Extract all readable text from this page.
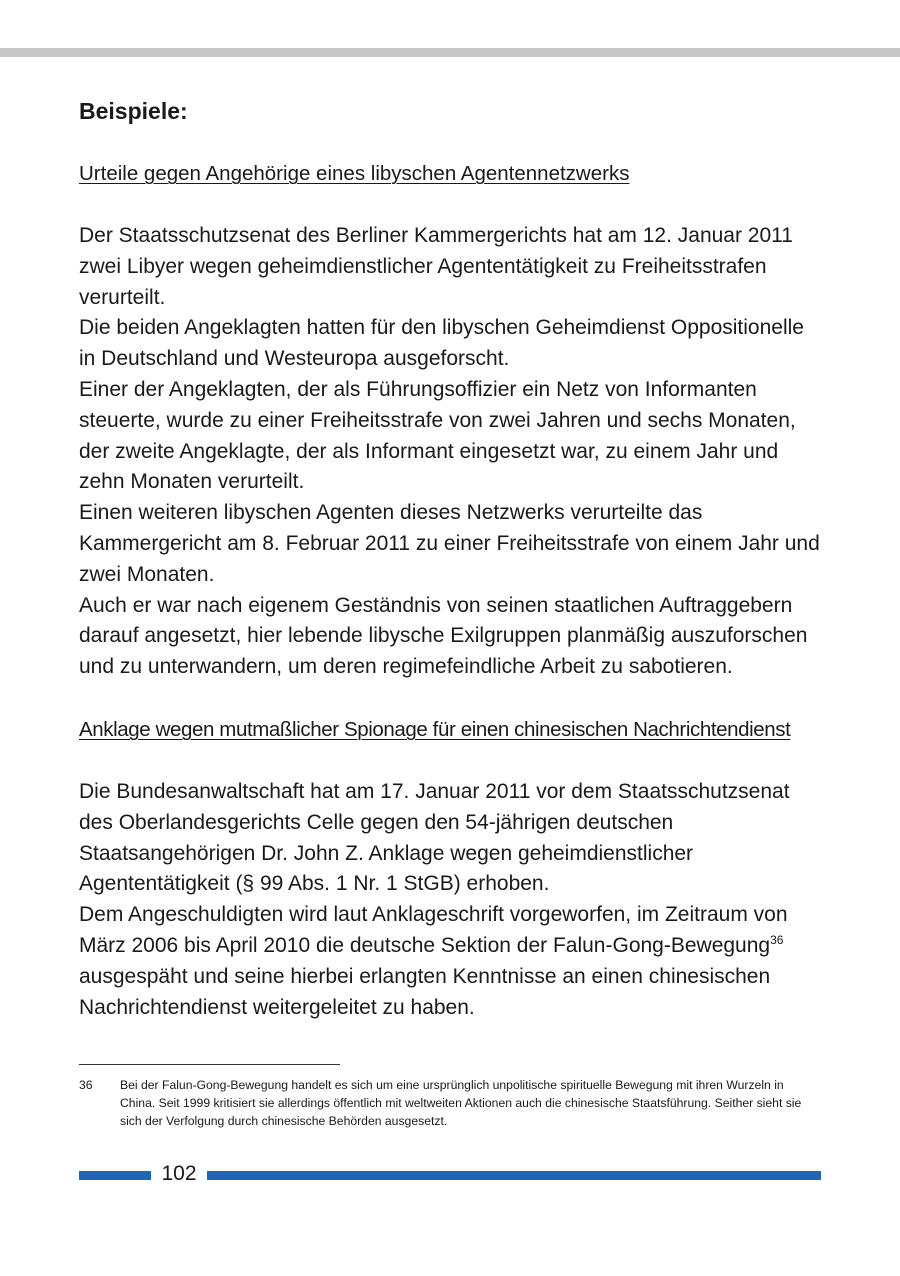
Beispiele:

Urteile gegen Angehörige eines libyschen Agentennetzwerks

Der Staatsschutzsenat des Berliner Kammergerichts hat am 12. Januar 2011 zwei Libyer wegen geheimdienstlicher Agententätigkeit zu Freiheitsstrafen verurteilt.

Die beiden Angeklagten hatten für den libyschen Geheimdienst Oppositionelle in Deutschland und Westeuropa ausgeforscht.

Einer der Angeklagten, der als Führungsoffizier ein Netz von Informanten steuerte, wurde zu einer Freiheitsstrafe von zwei Jahren und sechs Monaten, der zweite Angeklagte, der als Informant eingesetzt war, zu einem Jahr und zehn Monaten verurteilt.

Einen weiteren libyschen Agenten dieses Netzwerks verurteilte das Kammergericht am 8. Februar 2011 zu einer Freiheitsstrafe von einem Jahr und zwei Monaten.

Auch er war nach eigenem Geständnis von seinen staatlichen Auftraggebern darauf angesetzt, hier lebende libysche Exilgruppen planmäßig auszuforschen und zu unterwandern, um deren regimefeindliche Arbeit zu sabotieren.

Anklage wegen mutmaßlicher Spionage für einen chinesischen Nachrichtendienst

Die Bundesanwaltschaft hat am 17. Januar 2011 vor dem Staatsschutzsenat des Oberlandesgerichts Celle gegen den 54-jährigen deutschen Staatsangehörigen Dr. John Z. Anklage wegen geheimdienstlicher Agententätigkeit (§ 99 Abs. 1 Nr. 1 StGB) erhoben.

Dem Angeschuldigten wird laut Anklageschrift vorgeworfen, im Zeitraum von März 2006 bis April 2010 die deutsche Sektion der Falun-Gong-Bewegung$^{36}$ ausgespäht und seine hierbei erlangten Kenntnisse an einen chinesischen Nachrichtendienst weitergeleitet zu haben.

36 Bei der Falun-Gong-Bewegung handelt es sich um eine ursprünglich unpolitische spirituelle Bewegung mit ihren Wurzeln in China. Seit 1999 kritisiert sie allerdings öffentlich mit weltweiten Aktionen auch die chinesische Staatsführung. Seither sieht sie sich der Verfolgung durch chinesische Behörden ausgesetzt.
102
